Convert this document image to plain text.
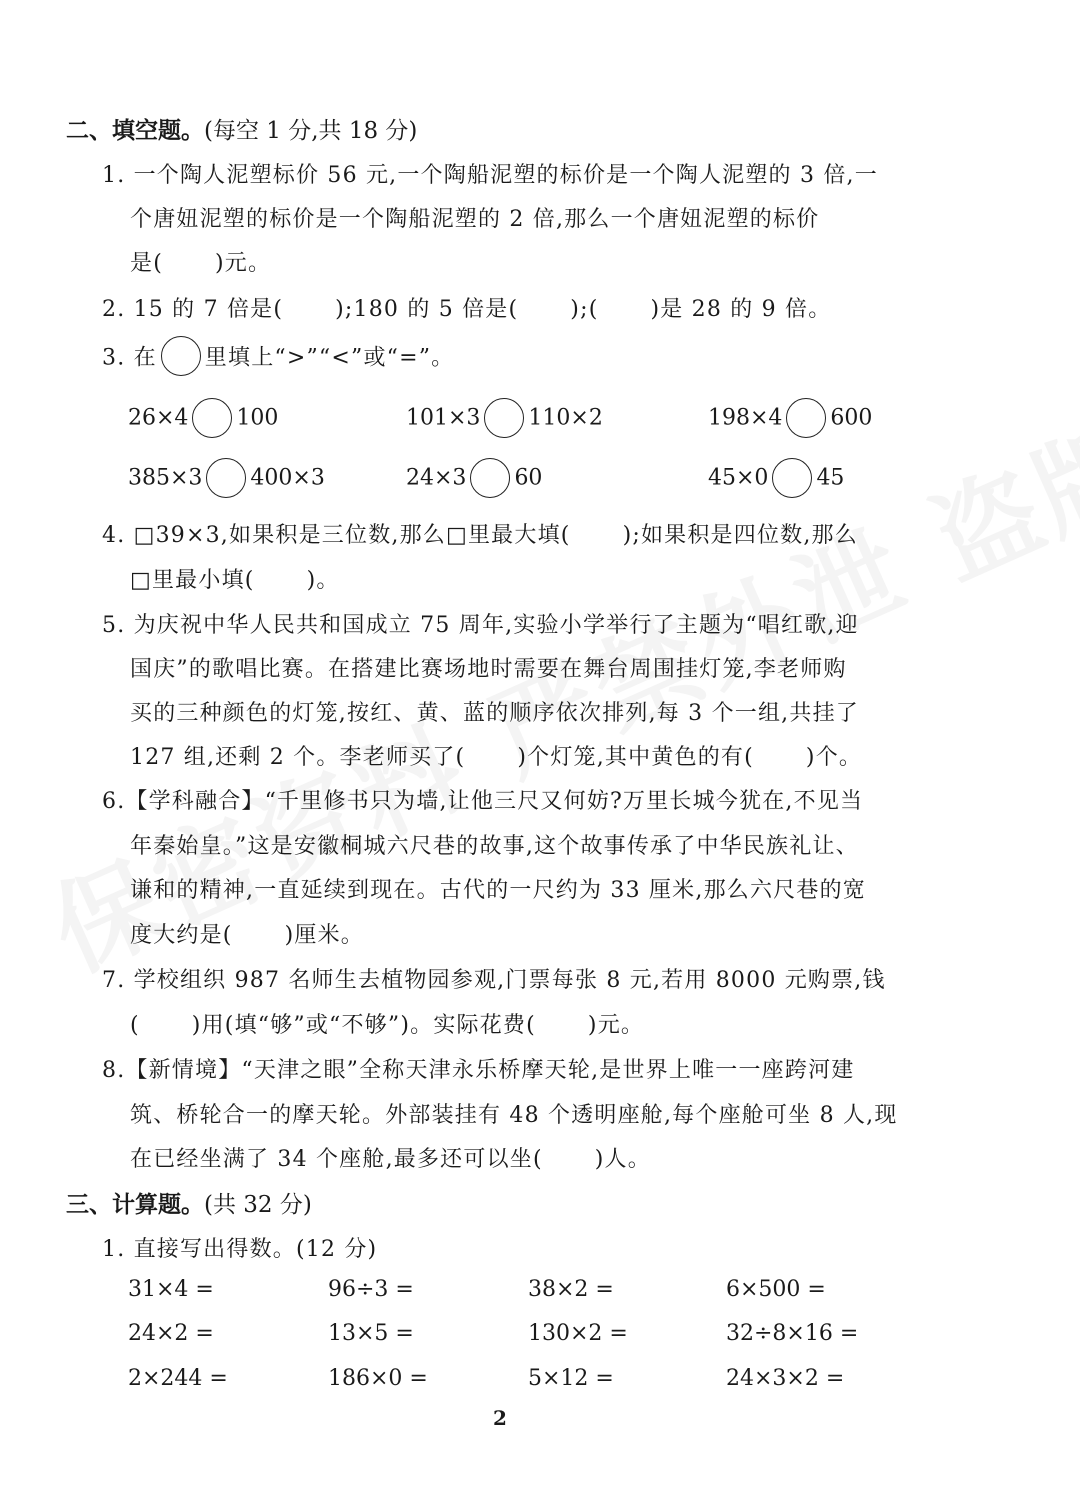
二、填空题。(每空 1 分,共 18 分)
1. 一个陶人泥塑标价 56 元,一个陶船泥塑的标价是一个陶人泥塑的 3 倍,一
个唐妞泥塑的标价是一个陶船泥塑的 2 倍,那么一个唐妞泥塑的标价
是( )元。
2. 15 的 7 倍是( );180 的 5 倍是( );( )是 28 的 9 倍。
3. 在 里填上“>”“<”或“=”。
26×4 100	101×3 110×2	198×4 600
385×3 400×3	24×3 60	45×0 45
4. □39×3,如果积是三位数,那么□里最大填( );如果积是四位数,那么
□里最小填( )。
5. 为庆祝中华人民共和国成立 75 周年,实验小学举行了主题为“唱红歌,迎
国庆”的歌唱比赛。在搭建比赛场地时需要在舞台周围挂灯笼,李老师购
买的三种颜色的灯笼,按红、黄、蓝的顺序依次排列,每 3 个一组,共挂了
127 组,还剩 2 个。李老师买了( )个灯笼,其中黄色的有( )个。
6.【学科融合】“千里修书只为墙,让他三尺又何妨?万里长城今犹在,不见当
年秦始皇。”这是安徽桐城六尺巷的故事,这个故事传承了中华民族礼让、
谦和的精神,一直延续到现在。古代的一尺约为 33 厘米,那么六尺巷的宽
度大约是( )厘米。
7. 学校组织 987 名师生去植物园参观,门票每张 8 元,若用 8000 元购票,钱
( )用(填“够”或“不够”)。实际花费( )元。
8.【新情境】“天津之眼”全称天津永乐桥摩天轮,是世界上唯一一座跨河建
筑、桥轮合一的摩天轮。外部装挂有 48 个透明座舱,每个座舱可坐 8 人,现
在已经坐满了 34 个座舱,最多还可以坐( )人。
三、计算题。(共 32 分)
1. 直接写出得数。(12 分)
31×4 =	96÷3 =	38×2 =	6×500 =
24×2 =	13×5 =	130×2 =	32÷8×16 =
2×244 =	186×0 =	5×12 =	24×3×2 =
2
